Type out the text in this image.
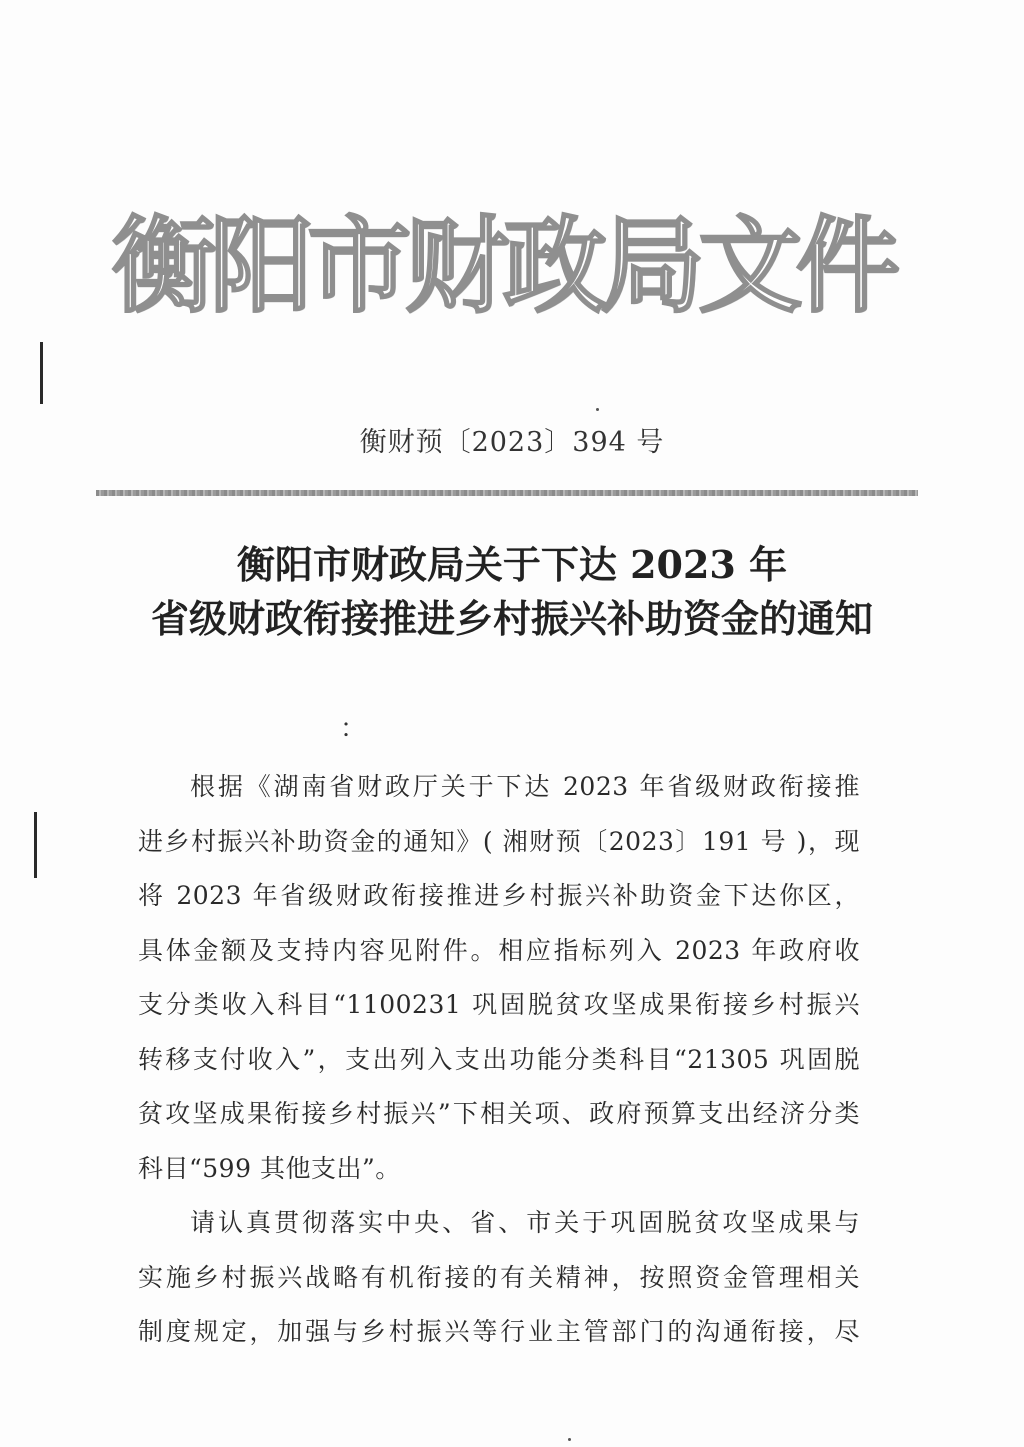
衡
阳
市
财
政
局
文
件
衡财预〔2023〕394 号
衡阳市财政局关于下达 2023 年
省级财政衔接推进乡村振兴补助资金的通知
：
根据《湖南省财政厅关于下达 2023 年省级财政衔接推
进乡村振兴补助资金的通知》( 湘财预〔2023〕191 号 )，现
将 2023 年省级财政衔接推进乡村振兴补助资金下达你区，
具体金额及支持内容见附件。相应指标列入 2023 年政府收
支分类收入科目“1100231 巩固脱贫攻坚成果衔接乡村振兴
转移支付收入”，支出列入支出功能分类科目“21305 巩固脱
贫攻坚成果衔接乡村振兴”下相关项、政府预算支出经济分类
科目“599 其他支出”。
请认真贯彻落实中央、省、市关于巩固脱贫攻坚成果与
实施乡村振兴战略有机衔接的有关精神，按照资金管理相关
制度规定，加强与乡村振兴等行业主管部门的沟通衔接，尽
